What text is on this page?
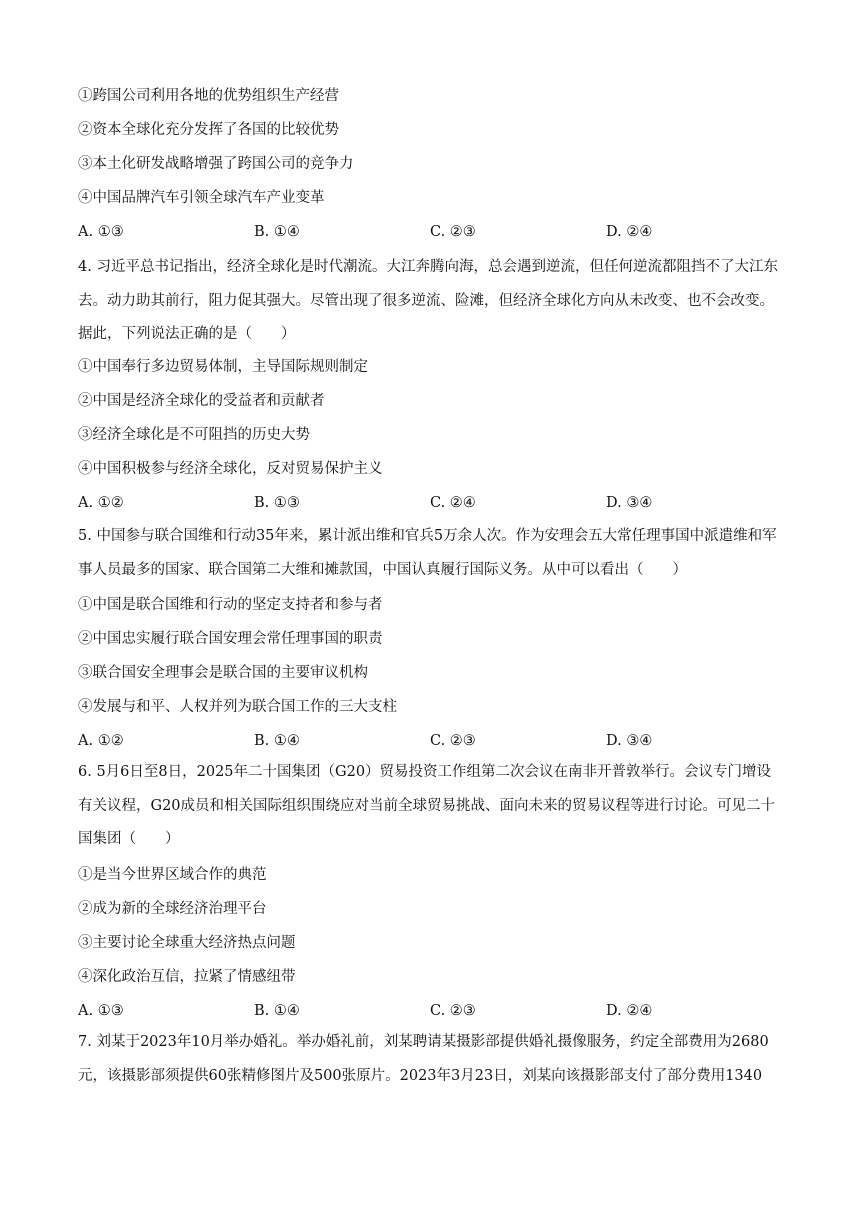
①跨国公司利用各地的优势组织生产经营
②资本全球化充分发挥了各国的比较优势
③本土化研发战略增强了跨国公司的竞争力
④中国品牌汽车引领全球汽车产业变革
A. ①③	B. ①④	C. ②③	D. ②④
4. 习近平总书记指出，经济全球化是时代潮流。大江奔腾向海，总会遇到逆流，但任何逆流都阻挡不了大江东去。动力助其前行，阻力促其强大。尽管出现了很多逆流、险滩，但经济全球化方向从未改变、也不会改变。据此，下列说法正确的是（　　）
①中国奉行多边贸易体制，主导国际规则制定
②中国是经济全球化的受益者和贡献者
③经济全球化是不可阻挡的历史大势
④中国积极参与经济全球化，反对贸易保护主义
A. ①②	B. ①③	C. ②④	D. ③④
5. 中国参与联合国维和行动35年来，累计派出维和官兵5万余人次。作为安理会五大常任理事国中派遣维和军事人员最多的国家、联合国第二大维和摊款国，中国认真履行国际义务。从中可以看出（　　）
①中国是联合国维和行动的坚定支持者和参与者
②中国忠实履行联合国安理会常任理事国的职责
③联合国安全理事会是联合国的主要审议机构
④发展与和平、人权并列为联合国工作的三大支柱
A. ①②	B. ①④	C. ②③	D. ③④
6. 5月6日至8日，2025年二十国集团（G20）贸易投资工作组第二次会议在南非开普敦举行。会议专门增设有关议程，G20成员和相关国际组织围绕应对当前全球贸易挑战、面向未来的贸易议程等进行讨论。可见二十国集团（　　）
①是当今世界区域合作的典范
②成为新的全球经济治理平台
③主要讨论全球重大经济热点问题
④深化政治互信，拉紧了情感纽带
A. ①③	B. ①④	C. ②③	D. ②④
7. 刘某于2023年10月举办婚礼。举办婚礼前，刘某聘请某摄影部提供婚礼摄像服务，约定全部费用为2680元，该摄影部须提供60张精修图片及500张原片。2023年3月23日，刘某向该摄影部支付了部分费用1340
